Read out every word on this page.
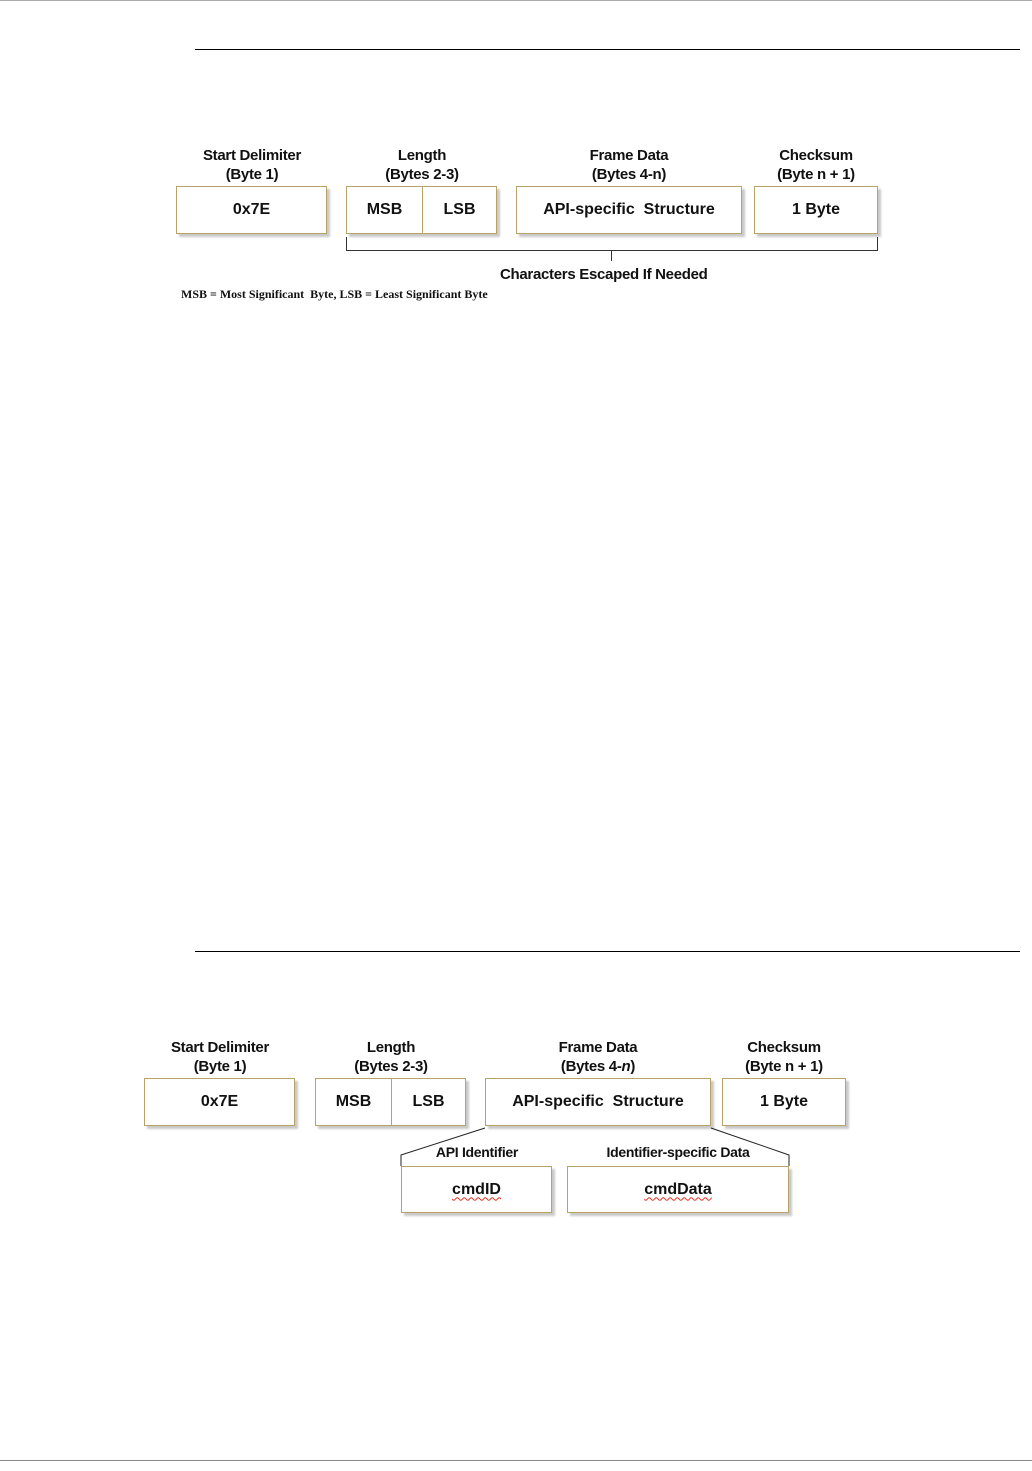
Start Delimiter
(Byte 1)
Length
(Bytes 2-3)
Frame Data
(Bytes 4-n)
Checksum
(Byte n + 1)
0x7E	MSB	LSB	API-specific  Structure	1 Byte
Characters Escaped If Needed
MSB = Most Significant  Byte, LSB = Least Significant Byte
Start Delimiter
(Byte 1)
Length
(Bytes 2-3)
Frame Data
(Bytes 4-n)
Checksum
(Byte n + 1)
0x7E	MSB	LSB	API-specific  Structure	1 Byte
API Identifier	Identifier-specific Data
cmdID	cmdData
